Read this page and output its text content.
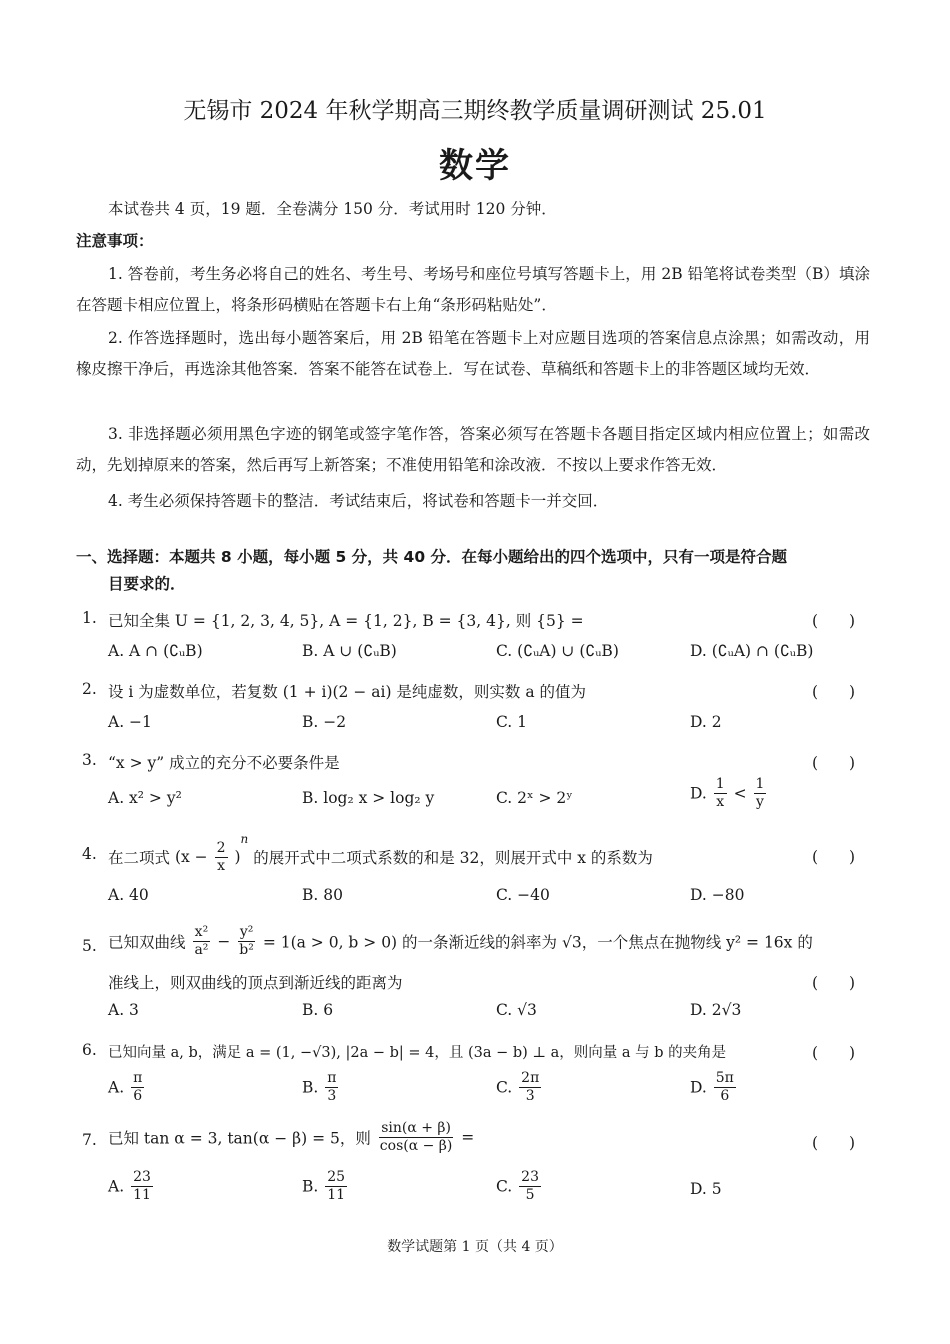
无锡市 2024 年秋学期高三期终教学质量调研测试 25.01
数学
本试卷共 4 页，19 题．全卷满分 150 分．考试用时 120 分钟．
注意事项：
1. 答卷前，考生务必将自己的姓名、考生号、考场号和座位号填写答题卡上，用 2B 铅笔将试卷类型（B）填涂在答题卡相应位置上，将条形码横贴在答题卡右上角“条形码粘贴处”．
2. 作答选择题时，选出每小题答案后，用 2B 铅笔在答题卡上对应题目选项的答案信息点涂黑；如需改动，用橡皮擦干净后，再选涂其他答案．答案不能答在试卷上．写在试卷、草稿纸和答题卡上的非答题区域均无效．
3. 非选择题必须用黑色字迹的钢笔或签字笔作答，答案必须写在答题卡各题目指定区域内相应位置上；如需改动，先划掉原来的答案，然后再写上新答案；不准使用铅笔和涂改液．不按以上要求作答无效．
4. 考生必须保持答题卡的整洁．考试结束后，将试卷和答题卡一并交回．
一、选择题：本题共 8 小题，每小题 5 分，共 40 分．在每小题给出的四个选项中，只有一项是符合题
目要求的．
1. 已知全集 U = {1, 2, 3, 4, 5}, A = {1, 2}, B = {3, 4}, 则 {5} =	(　　)
A. A ∩ (∁ᵤB)	B. A ∪ (∁ᵤB)	C. (∁ᵤA) ∪ (∁ᵤB)	D. (∁ᵤA) ∩ (∁ᵤB)
2. 设 i 为虚数单位，若复数 (1 + i)(2 − ai) 是纯虚数，则实数 a 的值为	(　　)
A. −1	B. −2	C. 1	D. 2
3. “x > y” 成立的充分不必要条件是	(　　)
A. x² > y²	B. log₂ x > log₂ y	C. 2ˣ > 2ʸ	D. $\frac{1}{x} < \frac{1}{y}$
4. 在二项式 $(x - \frac{2}{x} )^n$ 的展开式中二项式系数的和是 32，则展开式中 x 的系数为	(　　)
A. 40	B. 80	C. −40	D. −80
5. 已知双曲线 $\frac{\text{x²}}{\text{a²}} - \frac{\text{y²}}{\text{b²}} = 1(a > 0$, b > 0) 的一条渐近线的斜率为 √3，一个焦点在抛物线 y² = 16x 的
准线上，则双曲线的顶点到渐近线的距离为	(　　)
A. 3	B. 6	C. √3	D. 2√3
6. 已知向量 a, b，满足 a = (1, −√3), |2a − b| = 4，且 (3a − b) ⊥ a，则向量 a 与 b 的夹角是	(　　)
A. $\frac{\pi}{6}$	B. $\frac{\pi}{3}$	C. $\frac{2\pi}{3}$	D. $\frac{5\pi}{6}$
7. 已知 tan α = 3, tan(α − β) = 5，则 $\frac{\sin(\alpha + \beta)}{\cos(\alpha - \beta)}$ =	(　　)
A. $\frac{23}{11}$	B. $\frac{25}{11}$	C. $\frac{23}{5}$	D. 5
数学试题第 1 页（共 4 页）
